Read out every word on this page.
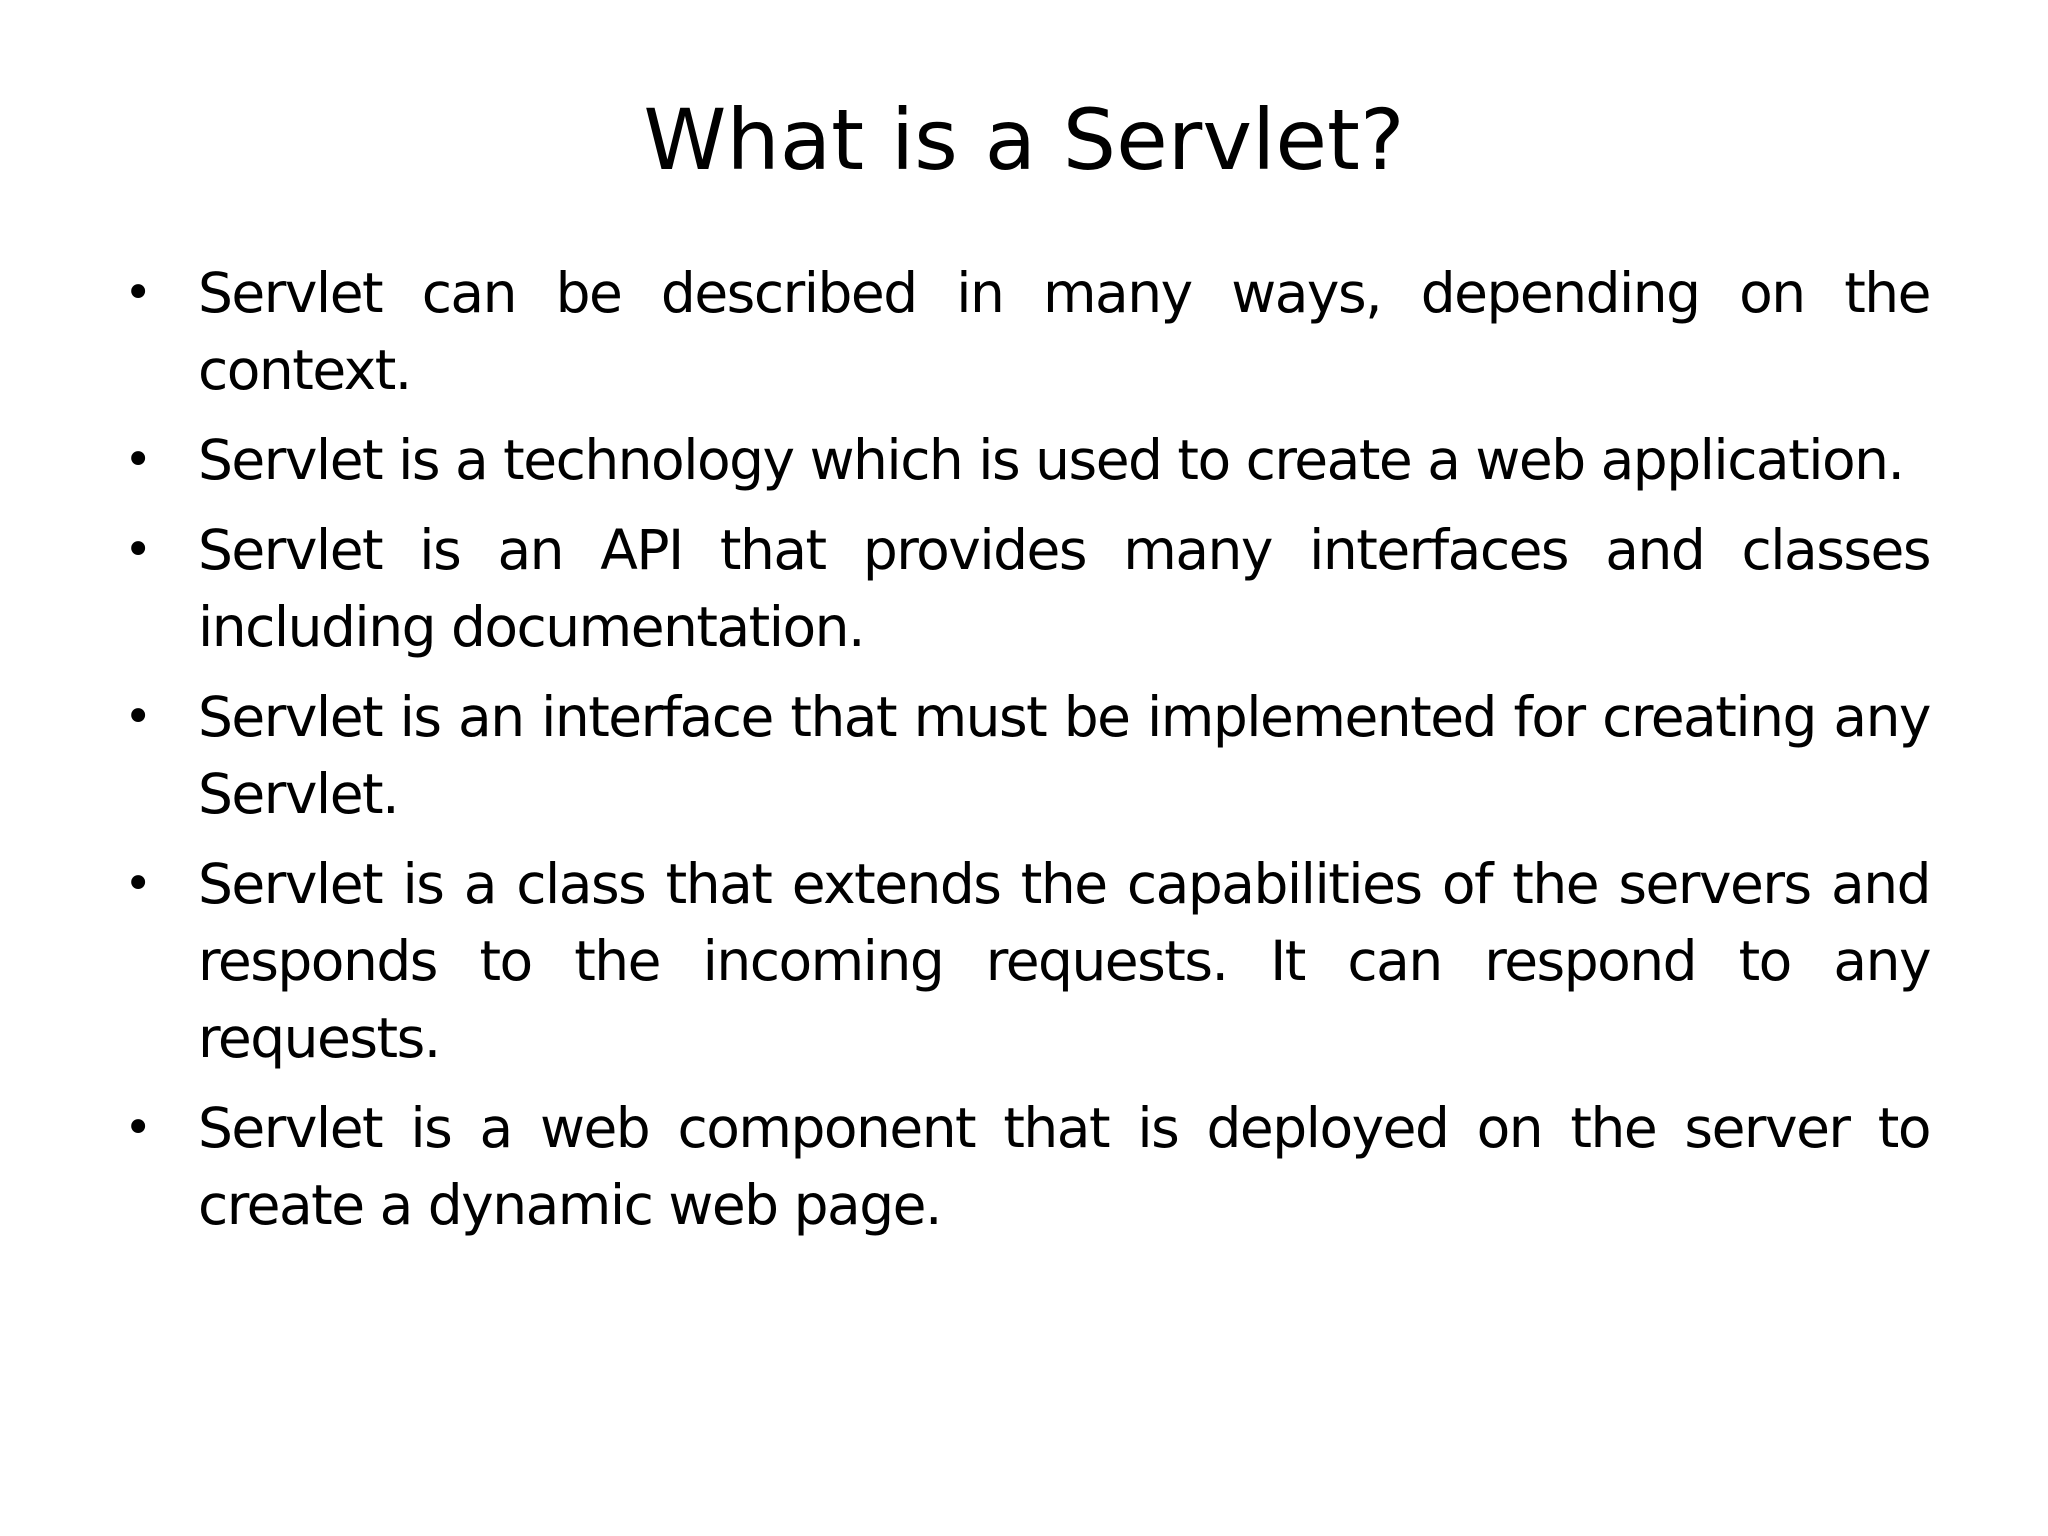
What is a Servlet?
• Servlet can be described in many ways, depending on the context.
• Servlet is a technology which is used to create a web application.
• Servlet is an API that provides many interfaces and classes including documentation.
• Servlet is an interface that must be implemented for creating any Servlet.
• Servlet is a class that extends the capabilities of the servers and responds to the incoming requests. It can respond to any requests.
• Servlet is a web component that is deployed on the server to create a dynamic web page.
